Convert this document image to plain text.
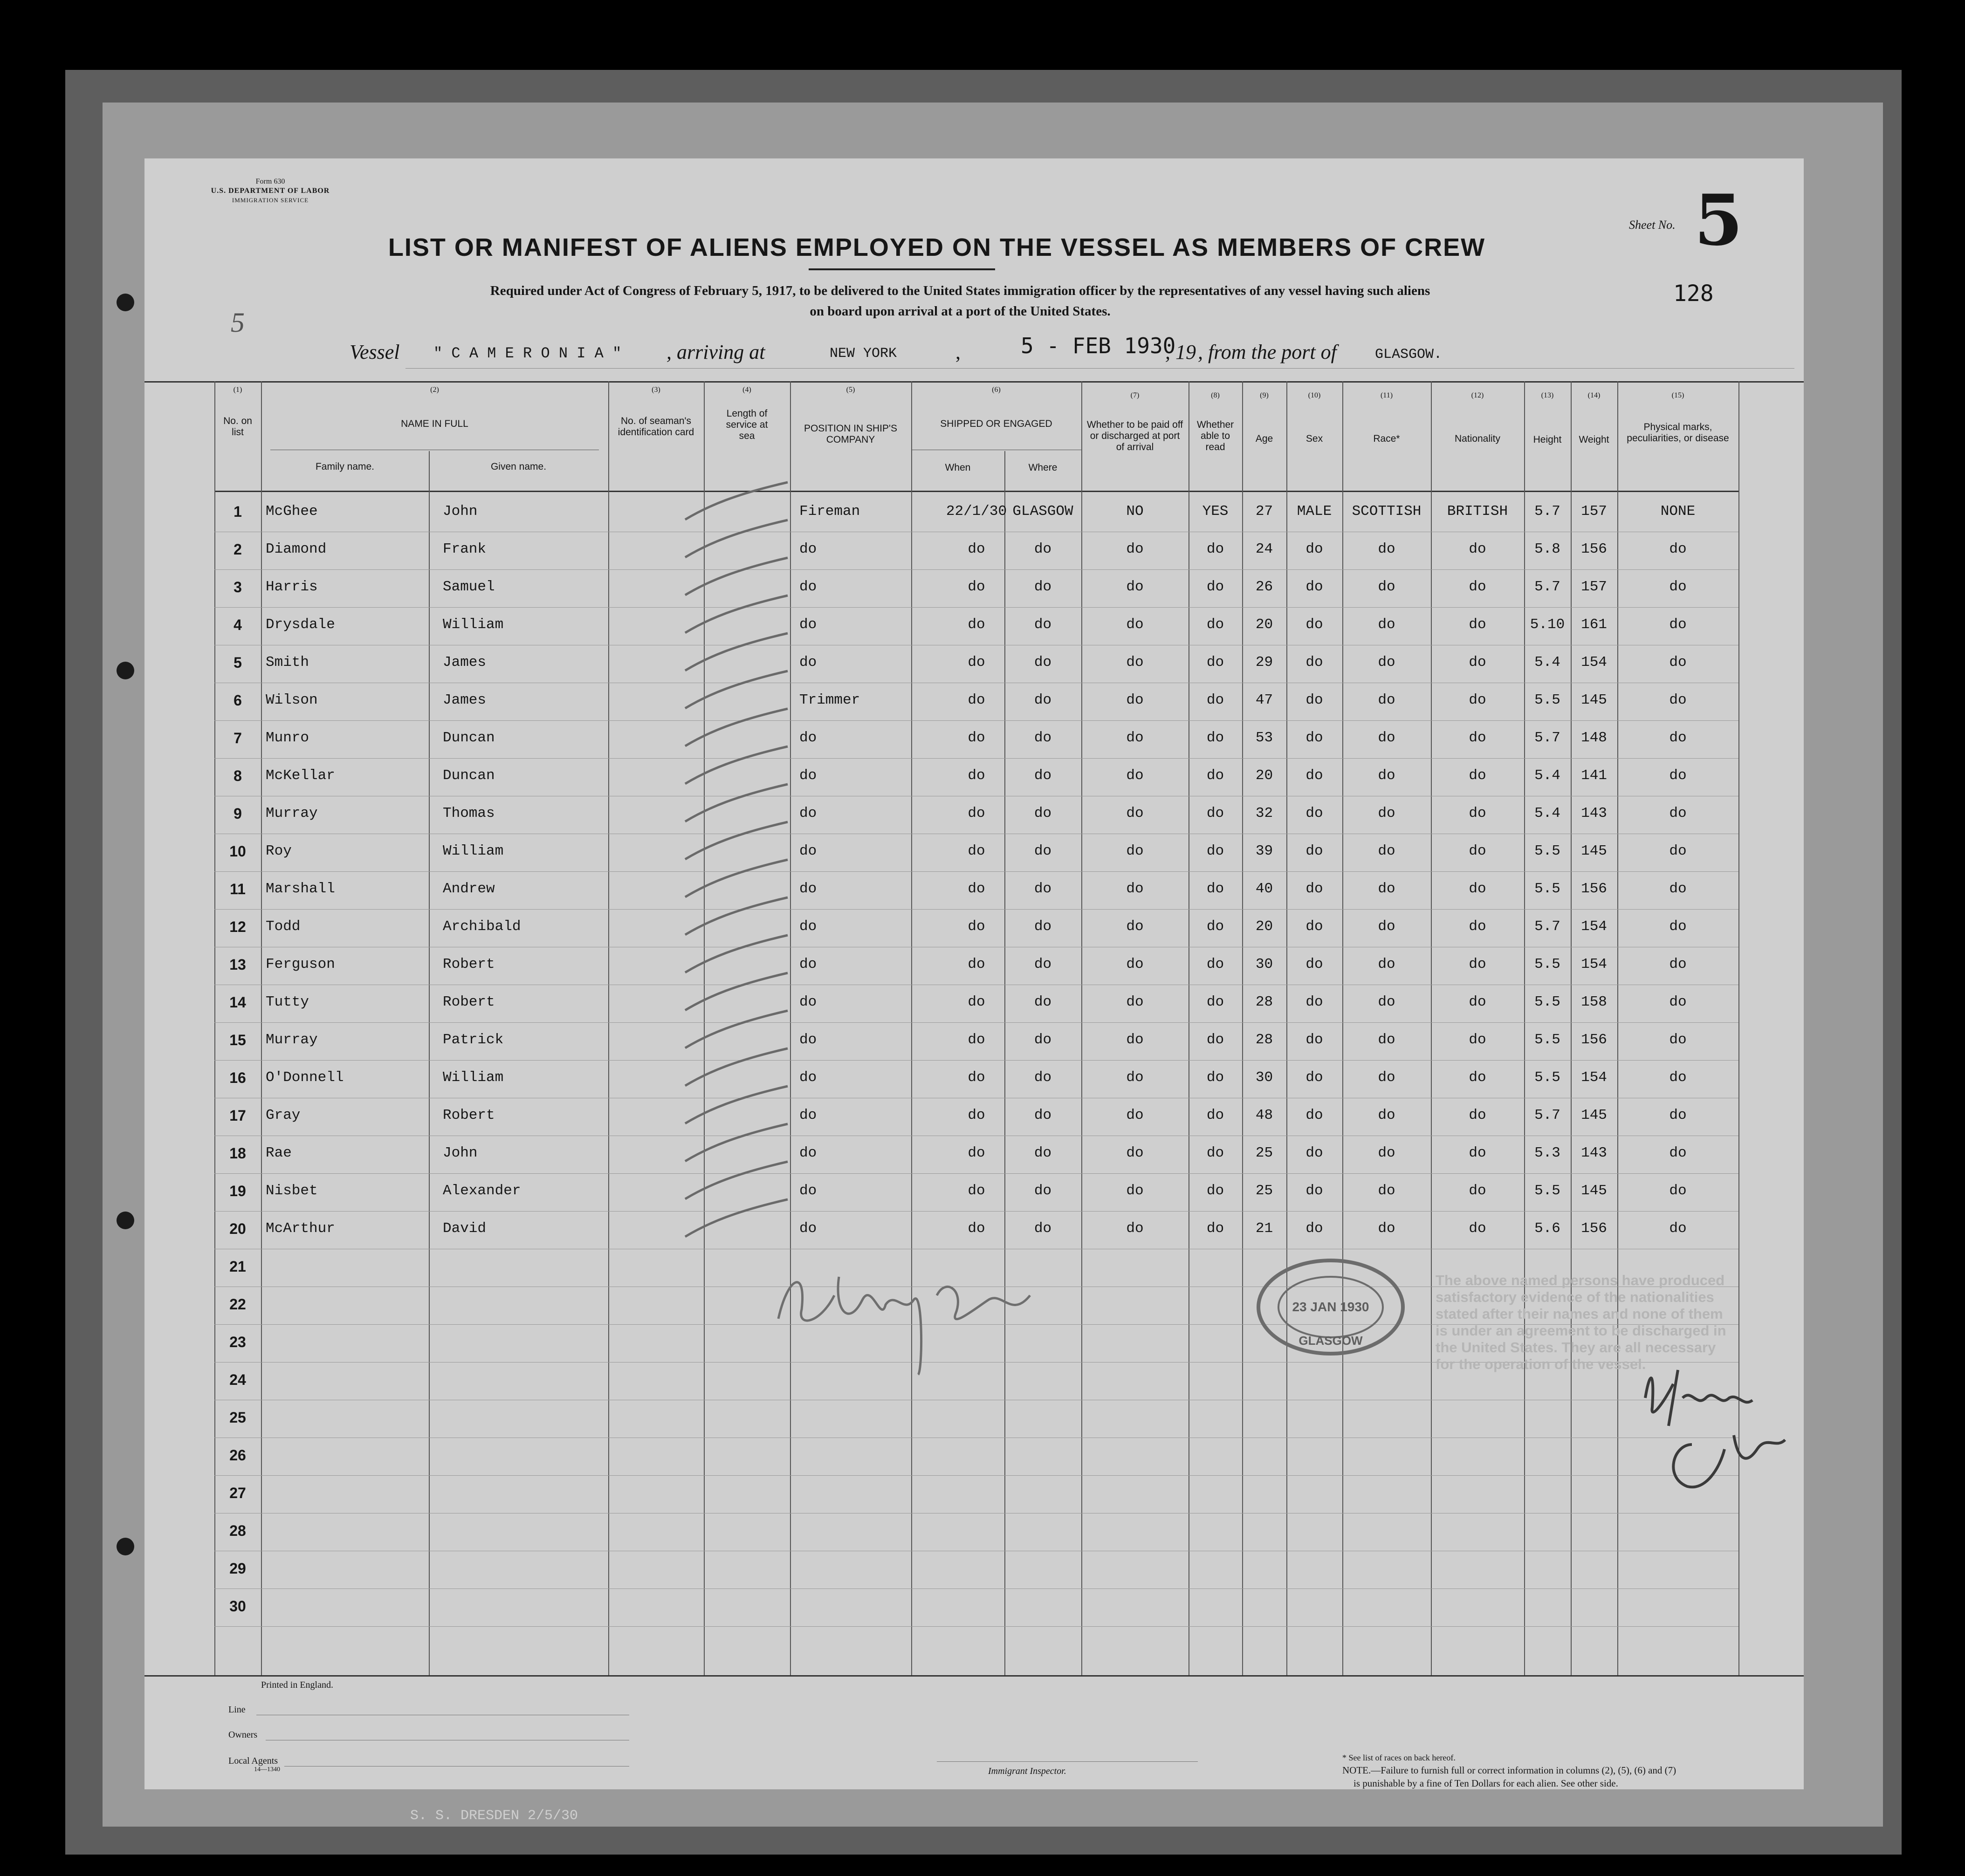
Form 630
U.S. DEPARTMENT OF LABOR
IMMIGRATION SERVICE
Sheet No. 5
128
LIST OR MANIFEST OF ALIENS EMPLOYED ON THE VESSEL AS MEMBERS OF CREW
Required under Act of Congress of February 5, 1917, to be delivered to the United States immigration officer by the representatives of any vessel having such aliens
on board upon arrival at a port of the United States.
5
Vessel " C A M E R O N I A " , arriving at	NEW YORK	,	5 - FEB 1930
, 19 , from the port of	GLASGOW.
(1)
No. on list
(2)
NAME IN FULL
Family name.	Given name.
(3)
No. of seaman's identification card
(4)
Length of service at sea
(5)
POSITION IN SHIP'S COMPANY
(6)
SHIPPED OR ENGAGED
When	Where
(7)
Whether to be paid off or discharged at port of arrival
(8)
Whether able to read
(9)
Age
(10)
Sex
(11)
Race*
(12)
Nationality
(13)
Height
(14)
Weight
(15)
Physical marks, peculiarities, or disease
1	McGhee	John	Fireman	22/1/30 GLASGOW	NO	YES	27	MALE	SCOTTISH	BRITISH	5.7	157	NONE
2	Diamond	Frank	do	do	do	do	do	24	do	do	do	5.8	156	do
3	Harris	Samuel	do	do	do	do	do	26	do	do	do	5.7	157	do
4	Drysdale	William	do	do	do	do	do	20	do	do	do	5.10	161	do
5	Smith	James	do	do	do	do	do	29	do	do	do	5.4	154	do
6	Wilson	James	Trimmer	do	do	do	do	47	do	do	do	5.5	145	do
7	Munro	Duncan	do	do	do	do	do	53	do	do	do	5.7	148	do
8	McKellar	Duncan	do	do	do	do	do	20	do	do	do	5.4	141	do
9	Murray	Thomas	do	do	do	do	do	32	do	do	do	5.4	143	do
10	Roy	William	do	do	do	do	do	39	do	do	do	5.5	145	do
11	Marshall	Andrew	do	do	do	do	do	40	do	do	do	5.5	156	do
12	Todd	Archibald	do	do	do	do	do	20	do	do	do	5.7	154	do
13	Ferguson	Robert	do	do	do	do	do	30	do	do	do	5.5	154	do
14	Tutty	Robert	do	do	do	do	do	28	do	do	do	5.5	158	do
15	Murray	Patrick	do	do	do	do	do	28	do	do	do	5.5	156	do
16	O'Donnell	William	do	do	do	do	do	30	do	do	do	5.5	154	do
17	Gray	Robert	do	do	do	do	do	48	do	do	do	5.7	145	do
18	Rae	John	do	do	do	do	do	25	do	do	do	5.3	143	do
19	Nisbet	Alexander	do	do	do	do	do	25	do	do	do	5.5	145	do
20	McArthur	David	do	do	do	do	do	21	do	do	do	5.6	156	do
21
22
23
24
25
26
27
28
29
30
23 JAN 1930
GLASGOW
The above named persons have produced
satisfactory evidence of the nationalities
stated after their names and none of them
is under an agreement to be discharged in
the United States. They are all necessary
for the operation of the vessel.
Printed in England.
Line
Owners
Local Agents
14—1340	Immigrant Inspector.
* See list of races on back hereof.
NOTE.—Failure to furnish full or correct information in columns (2), (5), (6) and (7)
is punishable by a fine of Ten Dollars for each alien. See other side.
S. S. DRESDEN 2/5/30
